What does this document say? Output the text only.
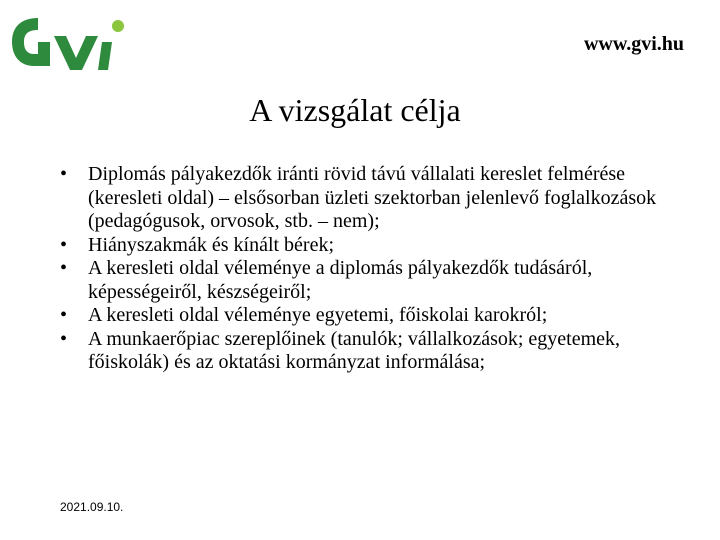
www.gvi.hu
A vizsgálat célja
• Diplomás pályakezdők iránti rövid távú vállalati kereslet felmérése (keresleti oldal) – elsősorban üzleti szektorban jelenlevő foglalkozások (pedagógusok, orvosok, stb. – nem);
• Hiányszakmák és kínált bérek;
• A keresleti oldal véleménye a diplomás pályakezdők tudásáról, képességeiről, készségeiről;
• A keresleti oldal véleménye egyetemi, főiskolai karokról;
• A munkaerőpiac szereplőinek (tanulók; vállalkozások; egyetemek, főiskolák) és az oktatási kormányzat informálása;
2021.09.10.
